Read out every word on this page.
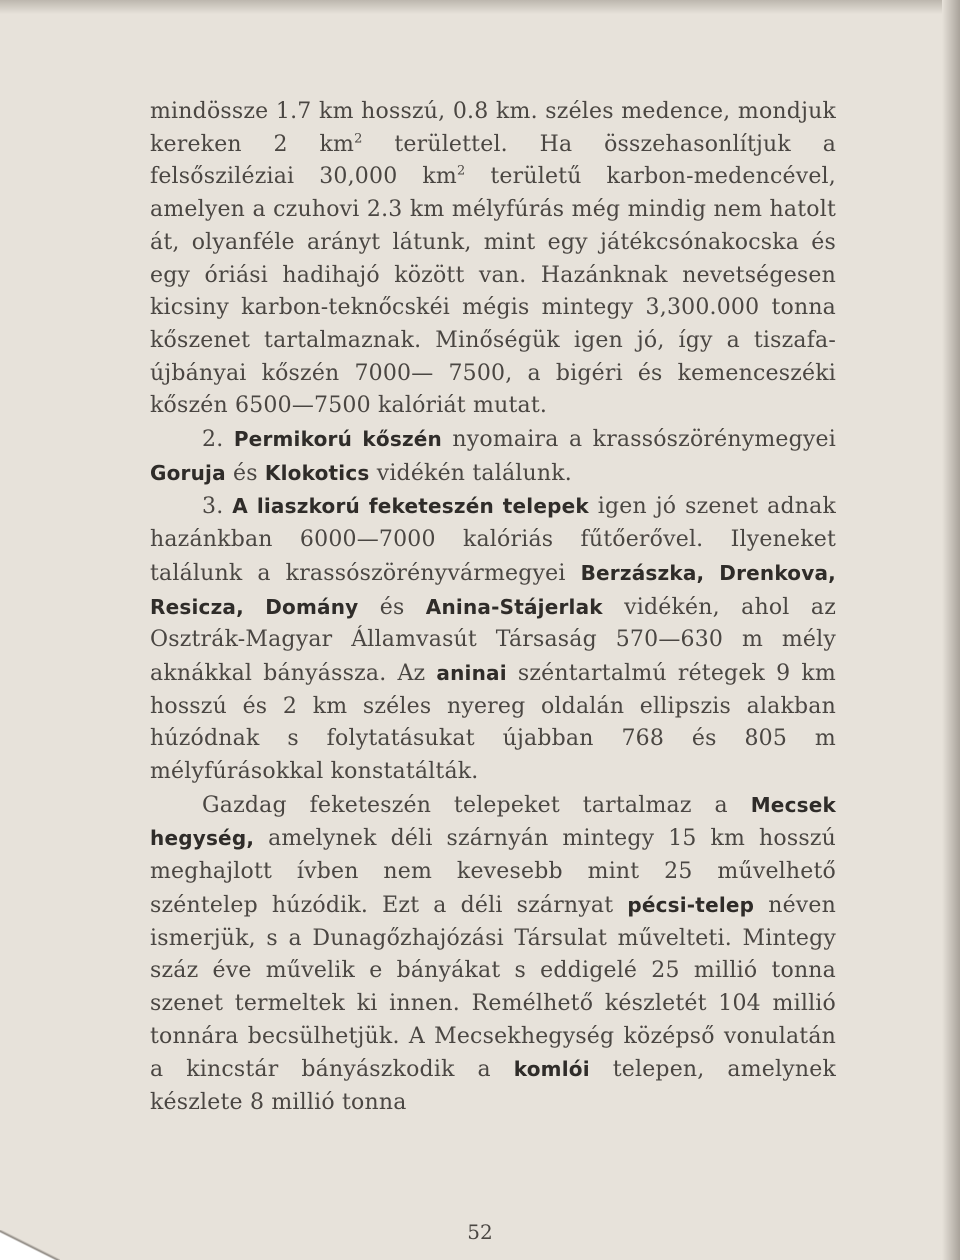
mindössze 1.7 km hosszú, 0.8 km. széles medence, mondjuk kereken 2 $km^2$ területtel. Ha összehasonlítjuk a felsősziléziai 30,000 $km^2$ területű karbon-medencével, amelyen a czuhovi 2.3 km mélyfúrás még mindig nem hatolt át, olyanféle arányt látunk, mint egy játékcsónakocska és egy óriási hadihajó között van. Hazánknak nevetségesen kicsiny karbon-teknőcskéi mégis mintegy 3,300.000 tonna kőszenet tartalmaznak. Minőségük igen jó, így a tiszafa-újbányai kőszén 7000— 7500, a bigéri és kemenceszéki kőszén 6500—7500 kalóriát mutat.

2. Permikorú kőszén nyomaira a krassószörénymegyei Goruja és Klokotics vidékén találunk.

3. A liaszkorú feketeszén telepek igen jó szenet adnak hazánkban 6000—7000 kalóriás fűtőerővel. Ilyeneket találunk a krassószörényvármegyei Berzászka, Drenkova, Resicza, Domány és Anina-Stájerlak vidékén, ahol az Osztrák-Magyar Államvasút Társaság 570—630 m mély aknákkal bányássza. Az aninai széntartalmú rétegek 9 km hosszú és 2 km széles nyereg oldalán ellipszis alakban húzódnak s folytatásukat újabban 768 és 805 m mélyfúrásokkal konstatálták.

Gazdag feketeszén telepeket tartalmaz a Mecsek hegység, amelynek déli szárnyán mintegy 15 km hosszú meghajlott ívben nem kevesebb mint 25 művelhető széntelep húzódik. Ezt a déli szárnyat pécsi-telep néven ismerjük, s a Dunagőzhajózási Társulat művelteti. Mintegy száz éve művelik e bányákat s eddigelé 25 millió tonna szenet termeltek ki innen. Remélhető készletét 104 millió tonnára becsülhetjük. A Mecsekhegység középső vonulatán a kincstár bányászkodik a komlói telepen, amelynek készlete 8 millió tonna

52
